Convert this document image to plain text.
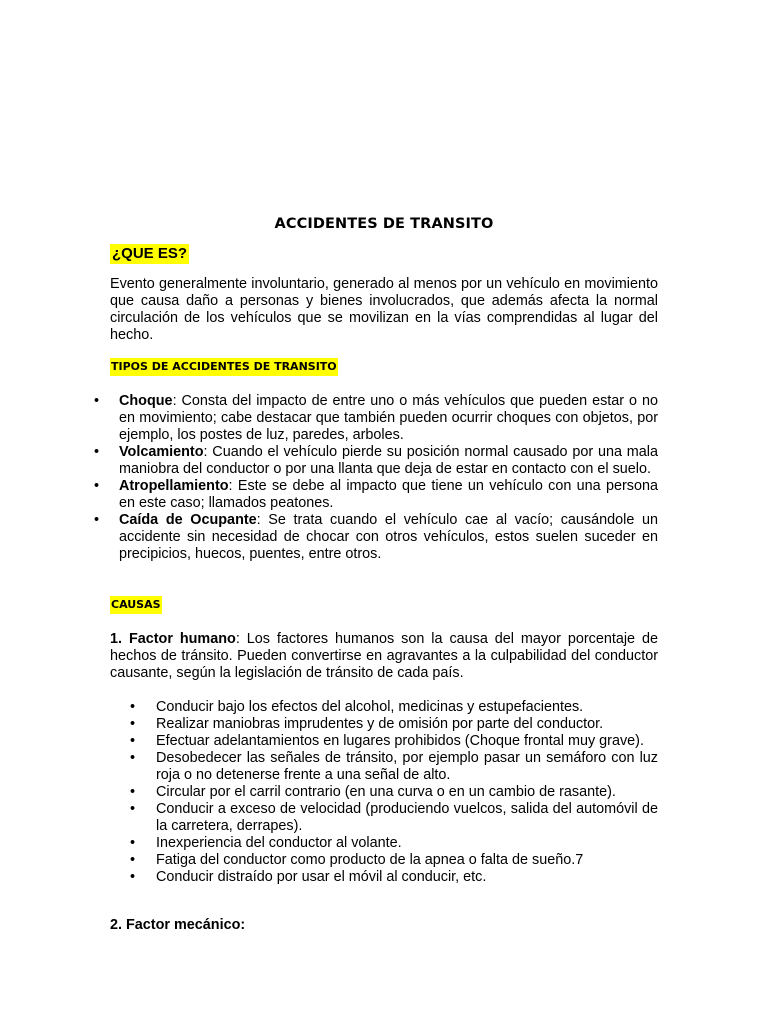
ACCIDENTES DE TRANSITO
¿QUE ES?
Evento generalmente involuntario, generado al menos por un vehículo en movimiento que causa daño a personas y bienes involucrados, que además afecta la normal circulación de los vehículos que se movilizan en la vías comprendidas al lugar del hecho.
TIPOS DE ACCIDENTES DE TRANSITO
• Choque: Consta del impacto de entre uno o más vehículos que pueden estar o no en movimiento; cabe destacar que también pueden ocurrir choques con objetos, por ejemplo, los postes de luz, paredes, arboles.
• Volcamiento: Cuando el vehículo pierde su posición normal causado por una mala maniobra del conductor o por una llanta que deja de estar en contacto con el suelo.
• Atropellamiento: Este se debe al impacto que tiene un vehículo con una persona en este caso; llamados peatones.
• Caída de Ocupante: Se trata cuando el vehículo cae al vacío; causándole un accidente sin necesidad de chocar con otros vehículos, estos suelen suceder en precipicios, huecos, puentes, entre otros.
CAUSAS
1. Factor humano: Los factores humanos son la causa del mayor porcentaje de hechos de tránsito. Pueden convertirse en agravantes a la culpabilidad del conductor causante, según la legislación de tránsito de cada país.
• Conducir bajo los efectos del alcohol, medicinas y estupefacientes.
• Realizar maniobras imprudentes y de omisión por parte del conductor.
• Efectuar adelantamientos en lugares prohibidos (Choque frontal muy grave).
• Desobedecer las señales de tránsito, por ejemplo pasar un semáforo con luz roja o no detenerse frente a una señal de alto.
• Circular por el carril contrario (en una curva o en un cambio de rasante).
• Conducir a exceso de velocidad (produciendo vuelcos, salida del automóvil de la carretera, derrapes).
• Inexperiencia del conductor al volante.
• Fatiga del conductor como producto de la apnea o falta de sueño.7
• Conducir distraído por usar el móvil al conducir, etc.
2. Factor mecánico:
